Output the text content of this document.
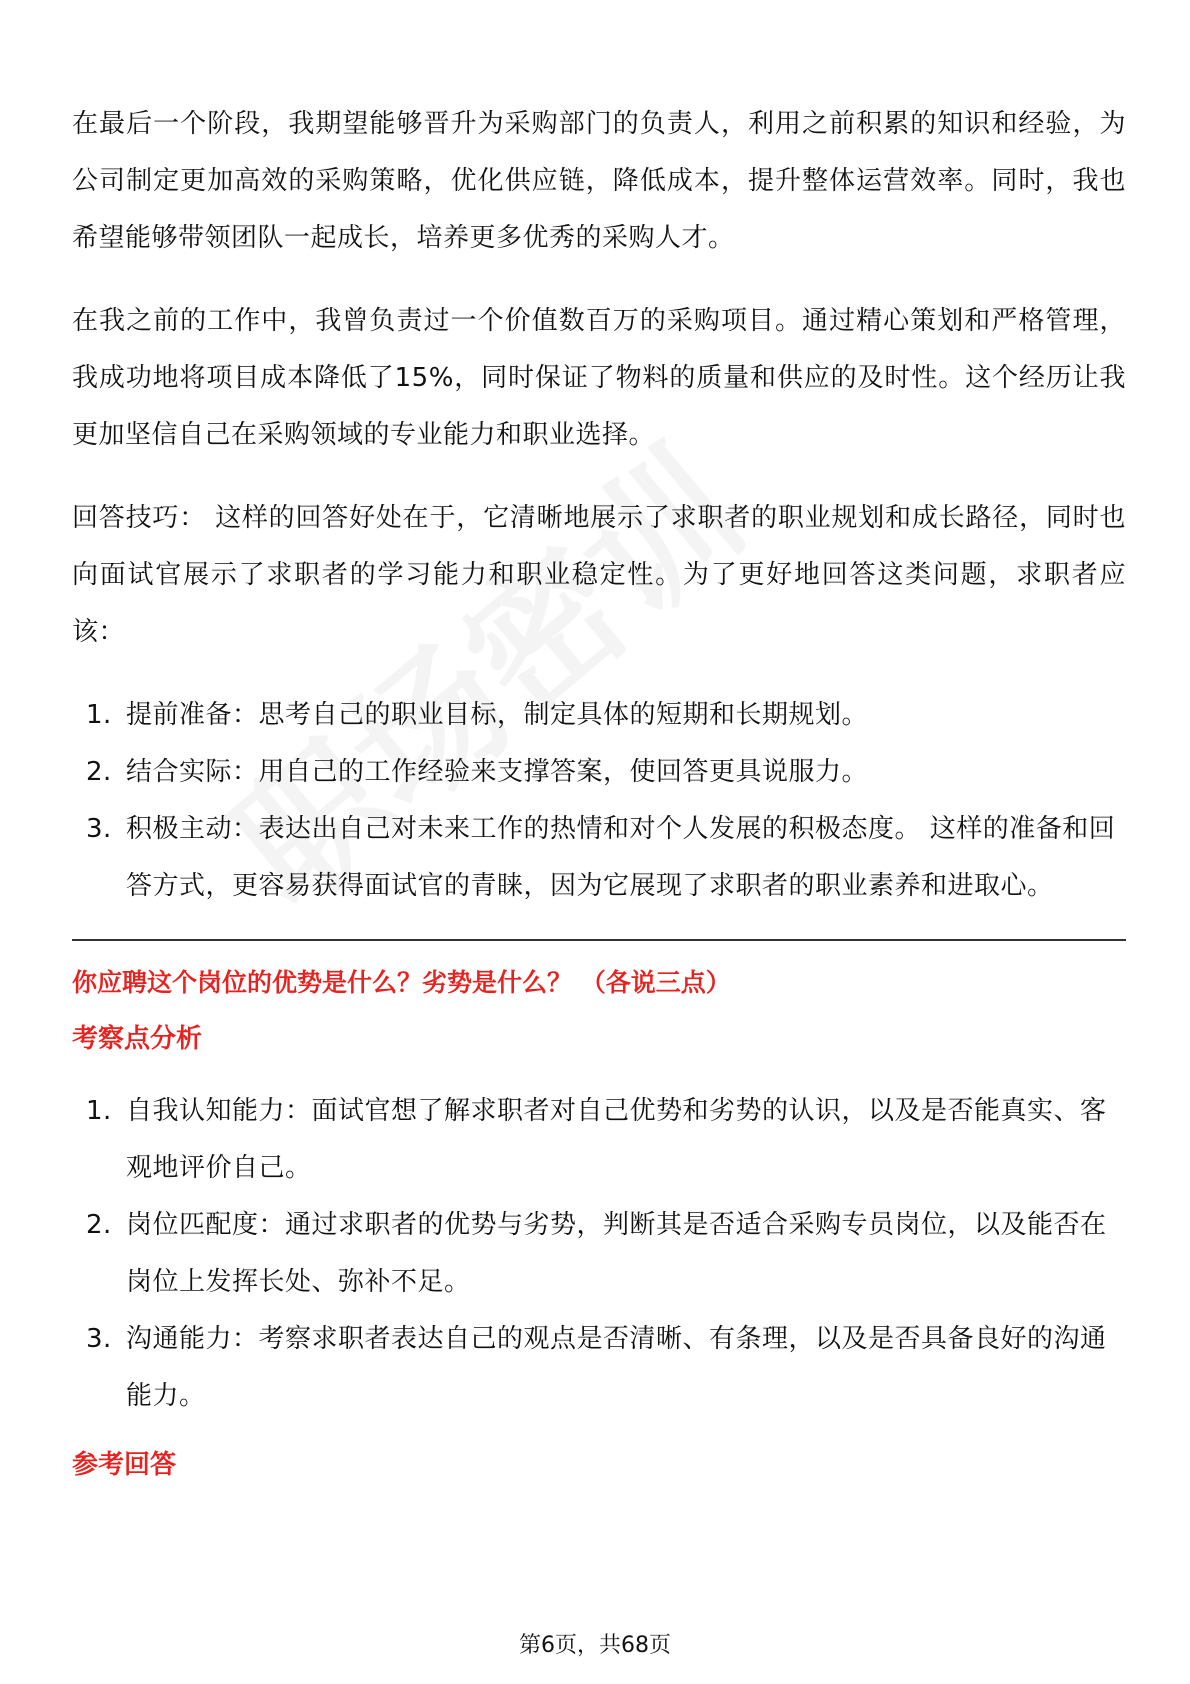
在最后一个阶段，我期望能够晋升为采购部门的负责人，利用之前积累的知识和经验，为公司制定更加高效的采购策略，优化供应链，降低成本，提升整体运营效率。同时，我也希望能够带领团队一起成长，培养更多优秀的采购人才。

在我之前的工作中，我曾负责过一个价值数百万的采购项目。通过精心策划和严格管理，我成功地将项目成本降低了15%，同时保证了物料的质量和供应的及时性。这个经历让我更加坚信自己在采购领域的专业能力和职业选择。

回答技巧： 这样的回答好处在于，它清晰地展示了求职者的职业规划和成长路径，同时也向面试官展示了求职者的学习能力和职业稳定性。为了更好地回答这类问题，求职者应该：

1. 提前准备：思考自己的职业目标，制定具体的短期和长期规划。
2. 结合实际：用自己的工作经验来支撑答案，使回答更具说服力。
3. 积极主动：表达出自己对未来工作的热情和对个人发展的积极态度。 这样的准备和回答方式，更容易获得面试官的青睐，因为它展现了求职者的职业素养和进取心。
你应聘这个岗位的优势是什么？劣势是什么？ （各说三点）
考察点分析
1. 自我认知能力：面试官想了解求职者对自己优势和劣势的认识，以及是否能真实、客观地评价自己。
2. 岗位匹配度：通过求职者的优势与劣势，判断其是否适合采购专员岗位，以及能否在岗位上发挥长处、弥补不足。
3. 沟通能力：考察求职者表达自己的观点是否清晰、有条理，以及是否具备良好的沟通能力。
参考回答
第6页，共68页
